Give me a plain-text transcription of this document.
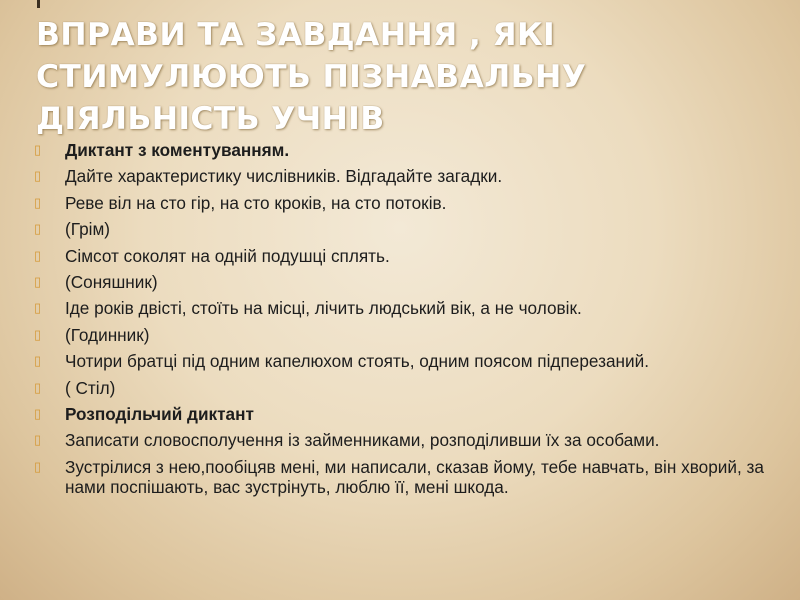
ВПРАВИ ТА ЗАВДАННЯ , ЯКІ
СТИМУЛЮЮТЬ ПІЗНАВАЛЬНУ
ДІЯЛЬНІСТЬ УЧНІВ
▯ Диктант з коментуванням.
▯ Дайте характеристику числівників. Відгадайте загадки.
▯ Реве віл на сто гір, на сто кроків, на сто потоків.
▯ (Грім)
▯ Сімсот соколят на одній подушці сплять.
▯ (Соняшник)
▯ Іде років двісті, стоїть на місці, лічить людський вік, а не чоловік.
▯ (Годинник)
▯ Чотири братці під одним капелюхом стоять, одним поясом підперезаний.
▯ ( Стіл)
▯ Розподільчий диктант
▯ Записати словосполучення із займенниками, розподіливши їх за особами.
▯ Зустрілися з нею,пообіцяв мені, ми написали, сказав йому, тебе навчать, він хворий, за нами поспішають, вас зустрінуть, люблю її, мені шкода.
